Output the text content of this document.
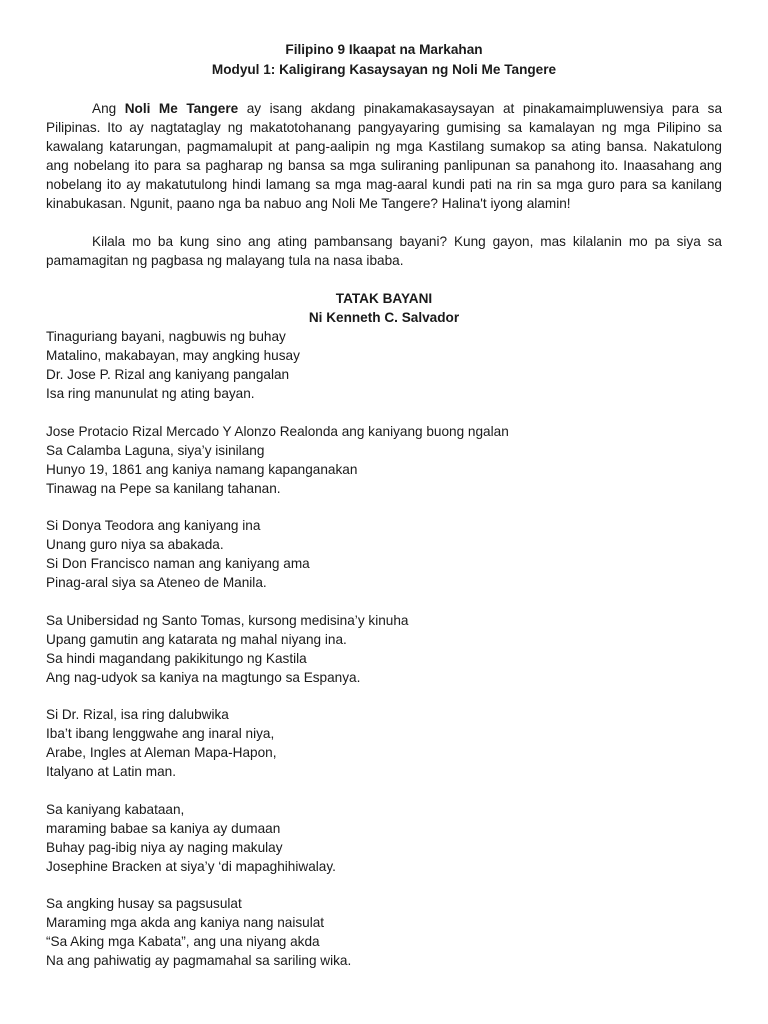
Filipino 9 Ikaapat na Markahan
Modyul 1: Kaligirang Kasaysayan ng Noli Me Tangere

Ang Noli Me Tangere ay isang akdang pinakamakasaysayan at pinakamaimpluwensiya para sa Pilipinas. Ito ay nagtataglay ng makatotohanang pangyayaring gumising sa kamalayan ng mga Pilipino sa kawalang katarungan, pagmamalupit at pang-aalipin ng mga Kastilang sumakop sa ating bansa. Nakatulong ang nobelang ito para sa pagharap ng bansa sa mga suliraning panlipunan sa panahong ito. Inaasahang ang nobelang ito ay makatutulong hindi lamang sa mga mag-aaral kundi pati na rin sa mga guro para sa kanilang kinabukasan. Ngunit, paano nga ba nabuo ang Noli Me Tangere? Halina't iyong alamin!

Kilala mo ba kung sino ang ating pambansang bayani? Kung gayon, mas kilalanin mo pa siya sa pamamagitan ng pagbasa ng malayang tula na nasa ibaba.

TATAK BAYANI
Ni Kenneth C. Salvador
Tinaguriang bayani, nagbuwis ng buhay
Matalino, makabayan, may angking husay
Dr. Jose P. Rizal ang kaniyang pangalan
Isa ring manunulat ng ating bayan.
Jose Protacio Rizal Mercado Y Alonzo Realonda ang kaniyang buong ngalan
Sa Calamba Laguna, siya’y isinilang
Hunyo 19, 1861 ang kaniya namang kapanganakan
Tinawag na Pepe sa kanilang tahanan.
Si Donya Teodora ang kaniyang ina
Unang guro niya sa abakada.
Si Don Francisco naman ang kaniyang ama
Pinag-aral siya sa Ateneo de Manila.
Sa Unibersidad ng Santo Tomas, kursong medisina’y kinuha
Upang gamutin ang katarata ng mahal niyang ina.
Sa hindi magandang pakikitungo ng Kastila
Ang nag-udyok sa kaniya na magtungo sa Espanya.
Si Dr. Rizal, isa ring dalubwika
Iba’t ibang lenggwahe ang inaral niya,
Arabe, Ingles at Aleman Mapa-Hapon,
Italyano at Latin man.
Sa kaniyang kabataan,
maraming babae sa kaniya ay dumaan
Buhay pag-ibig niya ay naging makulay
Josephine Bracken at siya’y ‘di mapaghihiwalay.
Sa angking husay sa pagsusulat
Maraming mga akda ang kaniya nang naisulat
“Sa Aking mga Kabata”, ang una niyang akda
Na ang pahiwatig ay pagmamahal sa sariling wika.
